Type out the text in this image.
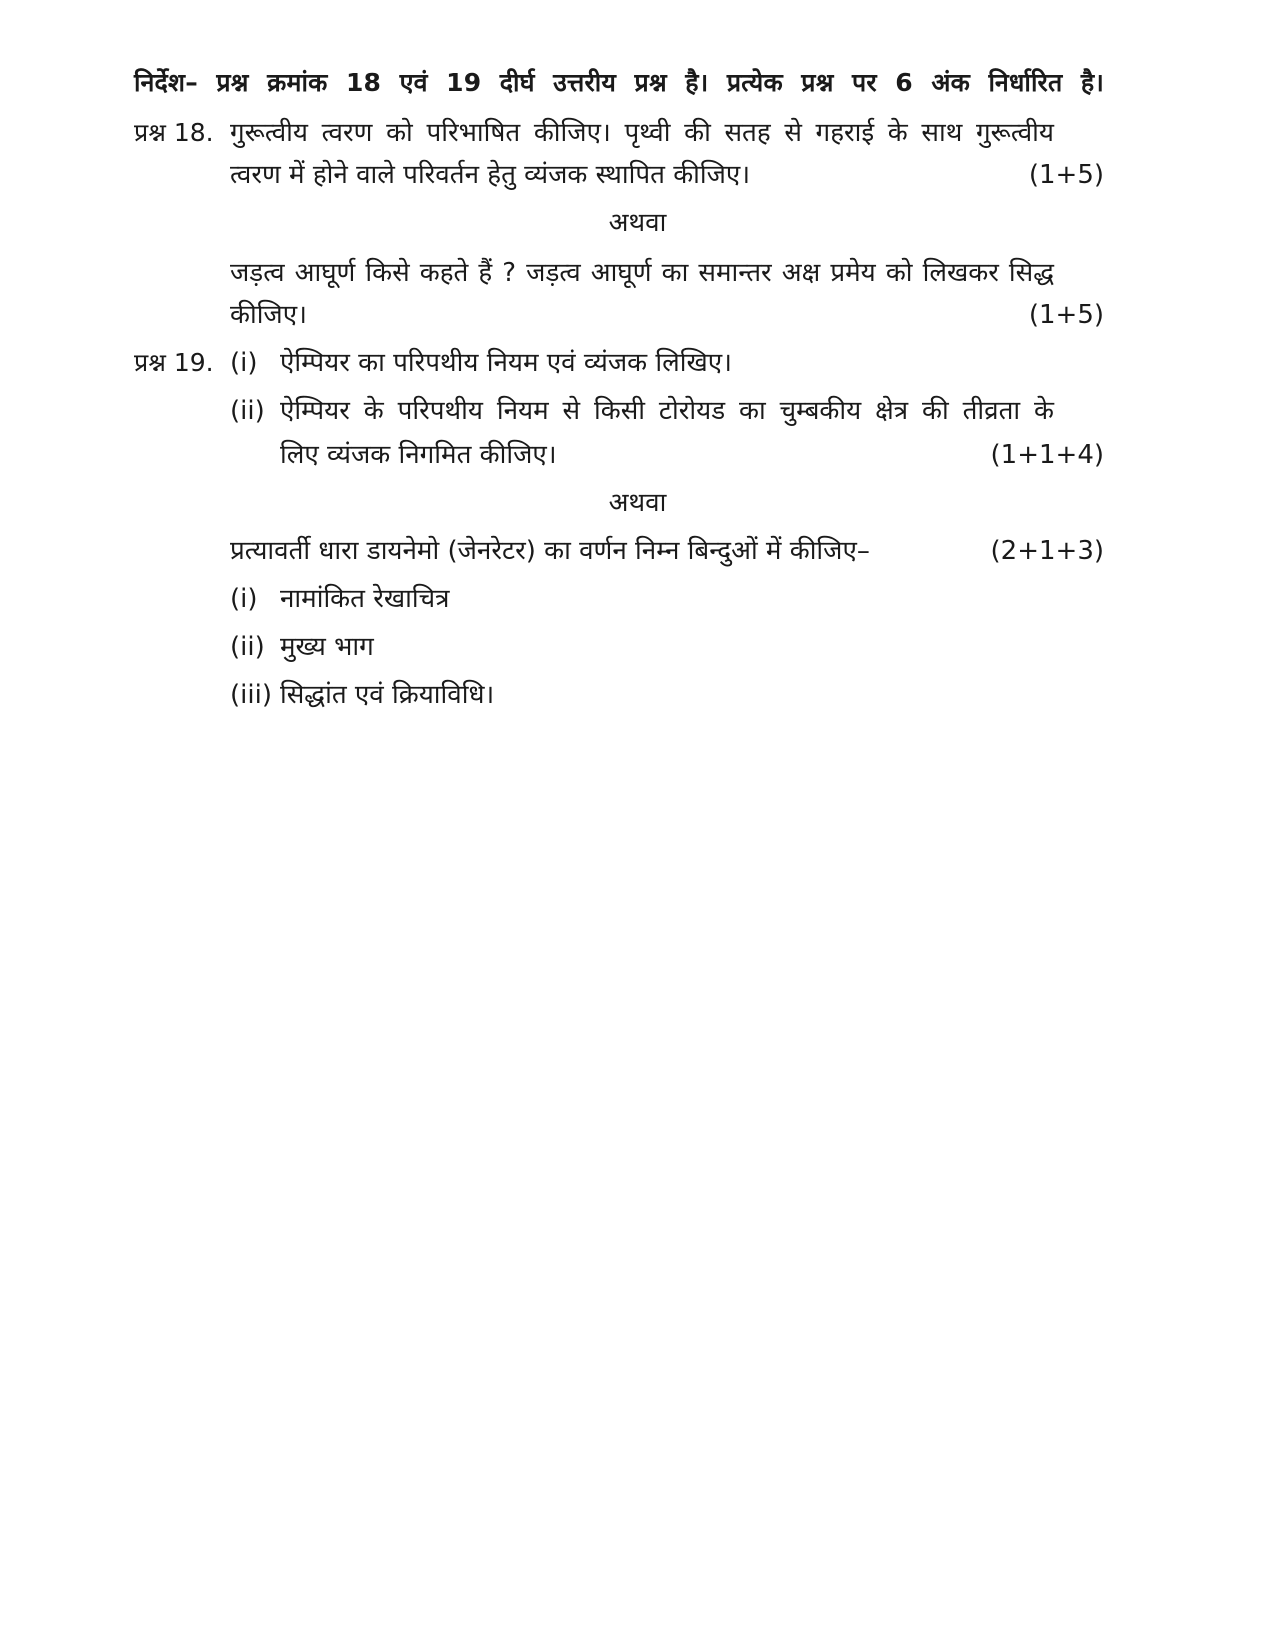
निर्देश– प्रश्न क्रमांक 18 एवं 19 दीर्घ उत्तरीय प्रश्न है। प्रत्येक प्रश्न पर 6 अंक निर्धारित है।
प्रश्न 18. गुरूत्वीय त्वरण को परिभाषित कीजिए। पृथ्वी की सतह से गहराई के साथ गुरूत्वीय
त्वरण में होने वाले परिवर्तन हेतु व्यंजक स्थापित कीजिए।	(1+5)
अथवा
जड़त्व आघूर्ण किसे कहते हैं ? जड़त्व आघूर्ण का समान्तर अक्ष प्रमेय को लिखकर सिद्ध
कीजिए।	(1+5)
प्रश्न 19. (i) ऐम्पियर का परिपथीय नियम एवं व्यंजक लिखिए।
(ii) ऐम्पियर के परिपथीय नियम से किसी टोरोयड का चुम्बकीय क्षेत्र की तीव्रता के
लिए व्यंजक निगमित कीजिए।	(1+1+4)
अथवा
प्रत्यावर्ती धारा डायनेमो (जेनरेटर) का वर्णन निम्न बिन्दुओं में कीजिए–	(2+1+3)
(i) नामांकित रेखाचित्र
(ii) मुख्य भाग
(iii) सिद्धांत एवं क्रियाविधि।
